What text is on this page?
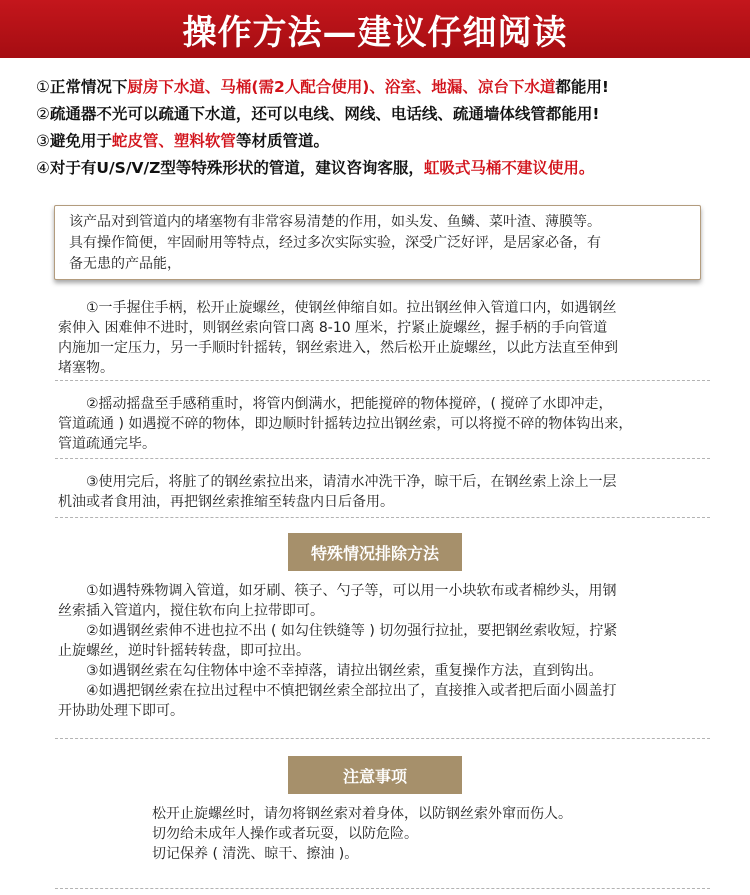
操作方法—建议仔细阅读
①正常情况下厨房下水道、马桶(需2人配合使用)、浴室、地漏、凉台下水道都能用!
②疏通器不光可以疏通下水道，还可以电线、网线、电话线、疏通墙体线管都能用!
③避免用于蛇皮管、塑料软管等材质管道。
④对于有U/S/V/Z型等特殊形状的管道，建议咨询客服，虹吸式马桶不建议使用。
该产品对到管道内的堵塞物有非常容易清楚的作用，如头发、鱼鳞、菜叶渣、薄膜等。
具有操作简便，牢固耐用等特点，经过多次实际实验，深受广泛好评，是居家必备，有
备无患的产品能，
　　①一手握住手柄，松开止旋螺丝，使钢丝伸缩自如。拉出钢丝伸入管道口内，如遇钢丝
索伸入 困难伸不进时，则钢丝索向管口离 8-10 厘米，拧紧止旋螺丝，握手柄的手向管道
内施加一定压力，另一手顺时针摇转，钢丝索进入，然后松开止旋螺丝，以此方法直至伸到
堵塞物。
　　②摇动摇盘至手感稍重时，将管内倒满水，把能搅碎的物体搅碎，( 搅碎了水即冲走，
管道疏通 ) 如遇搅不碎的物体，即边顺时针摇转边拉出钢丝索，可以将搅不碎的物体钩出来，
管道疏通完毕。
　　③使用完后，将脏了的钢丝索拉出来，请清水冲洗干净，晾干后，在钢丝索上涂上一层
机油或者食用油，再把钢丝索推缩至转盘内日后备用。
特殊情况排除方法
　　①如遇特殊物调入管道，如牙刷、筷子、勺子等，可以用一小块软布或者棉纱头，用钢
丝索插入管道内，搅住软布向上拉带即可。
　　②如遇钢丝索伸不进也拉不出 ( 如勾住铁缝等 ) 切勿强行拉扯，要把钢丝索收短，拧紧
止旋螺丝，逆时针摇转转盘，即可拉出。
　　③如遇钢丝索在勾住物体中途不幸掉落，请拉出钢丝索，重复操作方法，直到钩出。
　　④如遇把钢丝索在拉出过程中不慎把钢丝索全部拉出了，直接推入或者把后面小圆盖打
开协助处理下即可。
注意事项
松开止旋螺丝时，请勿将钢丝索对着身体，以防钢丝索外窜而伤人。
切勿给未成年人操作或者玩耍，以防危险。
切记保养 ( 清洗、晾干、擦油 )。
